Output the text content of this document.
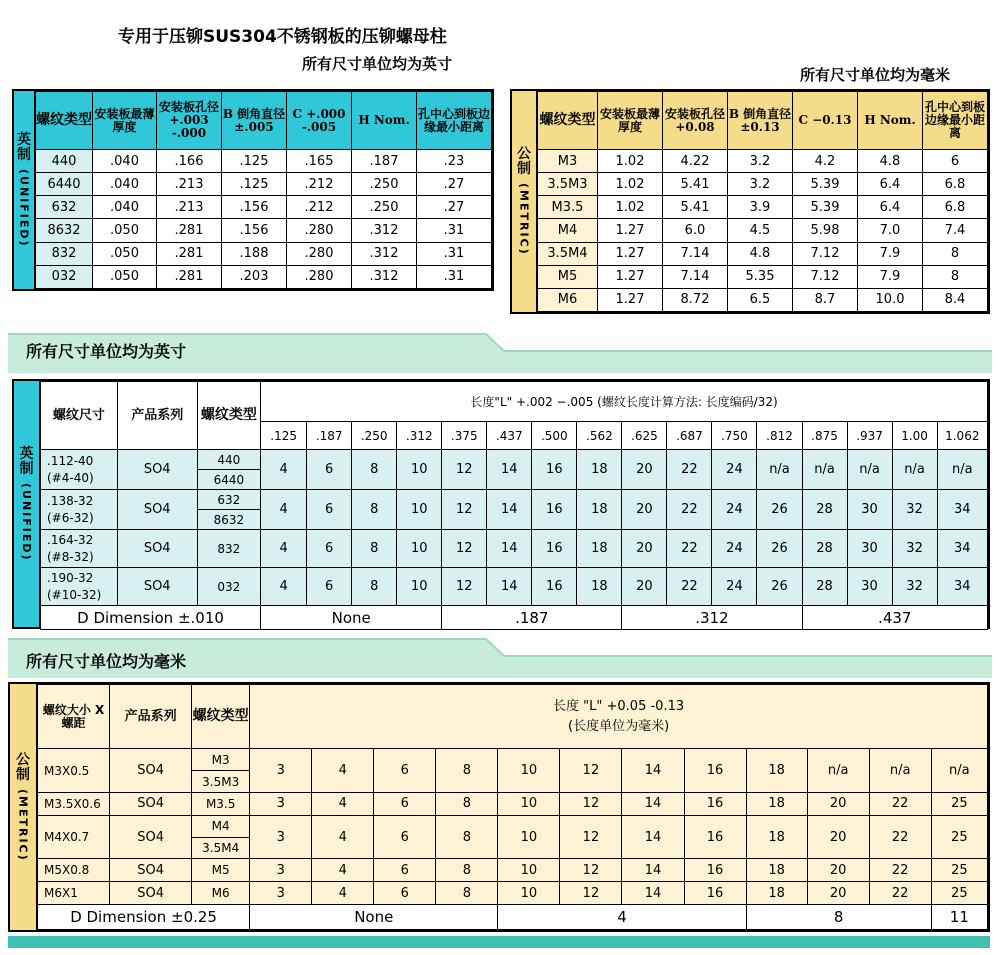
专用于压铆SUS304不锈钢板的压铆螺母柱
所有尺寸单位均为英寸
所有尺寸单位均为毫米
英
制
(UNIFIED)
螺纹类型	安装板最薄厚度	安装板孔径 +.003 -.000	B 倒角直径 ±.005	C +.000 -.005	H Nom.	孔中心到板边缘最小距离
440	.040	.166	.125	.165	.187	.23
6440	.040	.213	.125	.212	.250	.27
632	.040	.213	.156	.212	.250	.27
8632	.050	.281	.156	.280	.312	.31
832	.050	.281	.188	.280	.312	.31
032	.050	.281	.203	.280	.312	.31
公
制
(METRIC)
螺纹类型	安装板最薄厚度	安装板孔径 +0.08	B 倒角直径 ±0.13	C −0.13	H Nom.	孔中心到板边缘最小距离
M3	1.02	4.22	3.2	4.2	4.8	6
3.5M3	1.02	5.41	3.2	5.39	6.4	6.8
M3.5	1.02	5.41	3.9	5.39	6.4	6.8
M4	1.27	6.0	4.5	5.98	7.0	7.4
3.5M4	1.27	7.14	4.8	7.12	7.9	8
M5	1.27	7.14	5.35	7.12	7.9	8
M6	1.27	8.72	6.5	8.7	10.0	8.4
所有尺寸单位均为英寸
英
制
(UNIFIED)
螺纹尺寸	产品系列	螺纹类型	长度"L" +.002 −.005 (螺纹长度计算方法: 长度编码/32)															
			.125	.187	.250	.312	.375	.437	.500	.562	.625	.687	.750	.812	.875	.937	1.00	1.062
.112-40 (#4-40)	SO4	440	4	6	8	10	12	14	16	18	20	22	24	n/a	n/a	n/a	n/a	n/a
		6440																
.138-32 (#6-32)	SO4	632	4	6	8	10	12	14	16	18	20	22	24	26	28	30	32	34
		8632																
.164-32 (#8-32)	SO4	832	4	6	8	10	12	14	16	18	20	22	24	26	28	30	32	34
.190-32 (#10-32)	SO4	032	4	6	8	10	12	14	16	18	20	22	24	26	28	30	32	34
D Dimension ±.010			None				.187				.312				.437			
所有尺寸单位均为毫米
公
制
(METRIC)
螺纹大小 X 螺距	产品系列	螺纹类型	长度 "L" +0.05 -0.13
(长度单位为毫米)											

M3X0.5	SO4	M3	3	4	6	8	10	12	14	16	18	n/a	n/a	n/a
		3.5M3												
M3.5X0.6	SO4	M3.5	3	4	6	8	10	12	14	16	18	20	22	25
M4X0.7	SO4	M4	3	4	6	8	10	12	14	16	18	20	22	25
		3.5M4												
M5X0.8	SO4	M5	3	4	6	8	10	12	14	16	18	20	22	25
M6X1	SO4	M6	3	4	6	8	10	12	14	16	18	20	22	25
D Dimension ±0.25			None				4				8			11
